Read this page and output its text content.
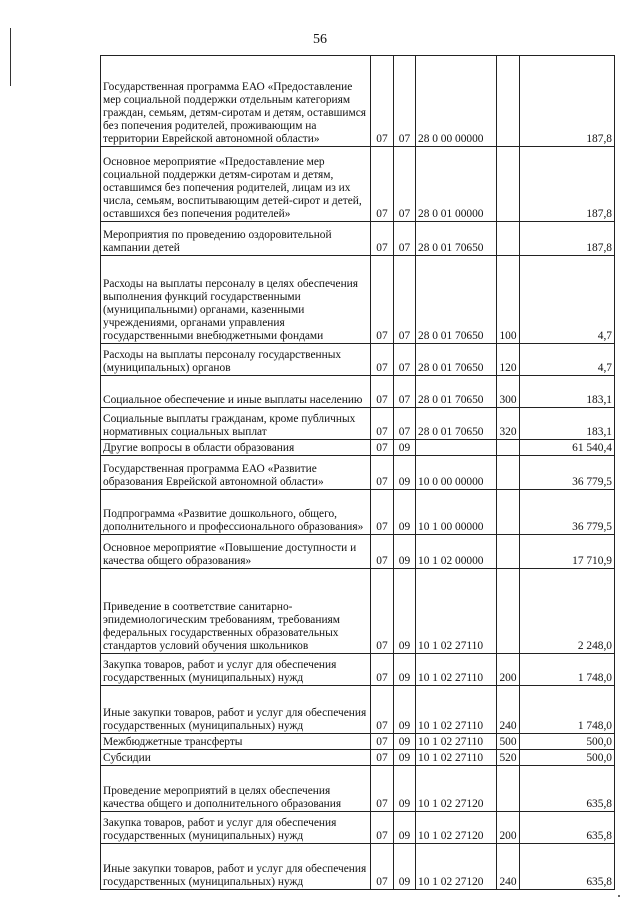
56
Государственная программа ЕАО «Предоставление мер социальной поддержки отдельным категориям граждан, семьям, детям-сиротам и детям, оставшимся без попечения родителей, проживающим на территории Еврейской автономной области»	07	07	28 0 00 00000		187,8
Основное мероприятие «Предоставление мер социальной поддержки детям-сиротам и детям, оставшимся без попечения родителей, лицам из их числа, семьям, воспитывающим детей-сирот и детей, оставшихся без попечения родителей»	07	07	28 0 01 00000		187,8
Мероприятия по проведению оздоровительной кампании детей	07	07	28 0 01 70650		187,8
Расходы на выплаты персоналу в целях обеспечения выполнения функций государственными (муниципальными) органами, казенными учреждениями, органами управления государственными внебюджетными фондами	07	07	28 0 01 70650	100	4,7
Расходы на выплаты персоналу государственных (муниципальных) органов	07	07	28 0 01 70650	120	4,7
Социальное обеспечение и иные выплаты населению	07	07	28 0 01 70650	300	183,1
Социальные выплаты гражданам, кроме публичных нормативных социальных выплат	07	07	28 0 01 70650	320	183,1
Другие вопросы в области образования	07	09			61 540,4
Государственная программа ЕАО «Развитие образования Еврейской автономной области»	07	09	10 0 00 00000		36 779,5
Подпрограмма «Развитие дошкольного, общего, дополнительного и профессионального образования»	07	09	10 1 00 00000		36 779,5
Основное мероприятие «Повышение доступности и качества общего образования»	07	09	10 1 02 00000		17 710,9
Приведение в соответствие санитарно-эпидемиологическим требованиям, требованиям федеральных государственных образовательных стандартов условий обучения школьников	07	09	10 1 02 27110		2 248,0
Закупка товаров, работ и услуг для обеспечения государственных (муниципальных) нужд	07	09	10 1 02 27110	200	1 748,0
Иные закупки товаров, работ и услуг для обеспечения государственных (муниципальных) нужд	07	09	10 1 02 27110	240	1 748,0
Межбюджетные трансферты	07	09	10 1 02 27110	500	500,0
Субсидии	07	09	10 1 02 27110	520	500,0
Проведение мероприятий в целях обеспечения качества общего и дополнительного образования	07	09	10 1 02 27120		635,8
Закупка товаров, работ и услуг для обеспечения государственных (муниципальных) нужд	07	09	10 1 02 27120	200	635,8
Иные закупки товаров, работ и услуг для обеспечения государственных (муниципальных) нужд	07	09	10 1 02 27120	240	635,8
